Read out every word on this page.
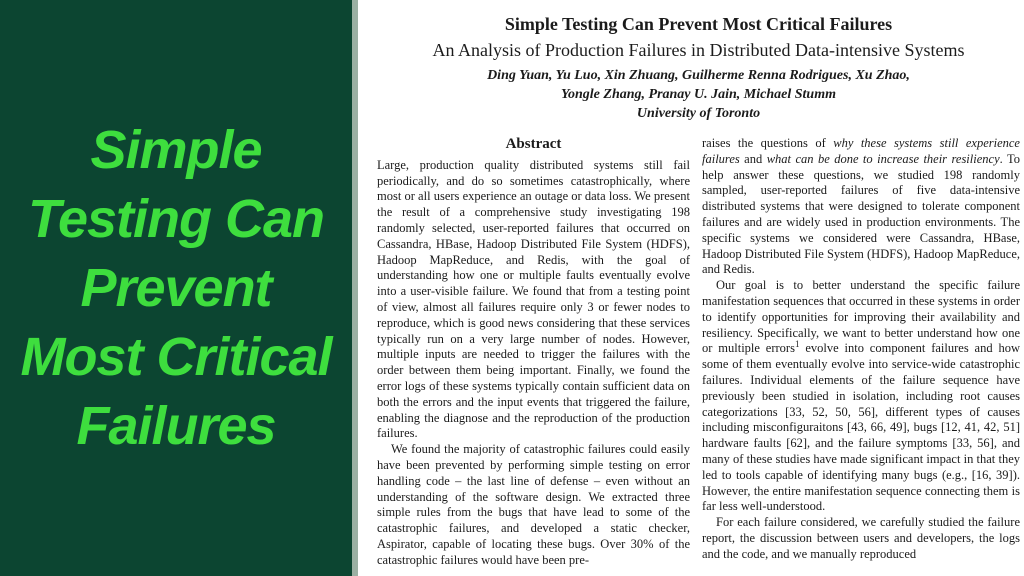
Simple
Testing Can
Prevent
Most Critical
Failures
Simple Testing Can Prevent Most Critical Failures
An Analysis of Production Failures in Distributed Data-intensive Systems
Ding Yuan, Yu Luo, Xin Zhuang, Guilherme Renna Rodrigues, Xu Zhao,
Yongle Zhang, Pranay U. Jain, Michael Stumm
University of Toronto
Abstract

Large, production quality distributed systems still fail periodically, and do so sometimes catastrophically, where most or all users experience an outage or data loss. We present the result of a comprehensive study investigating 198 randomly selected, user-reported failures that occurred on Cassandra, HBase, Hadoop Distributed File System (HDFS), Hadoop MapReduce, and Redis, with the goal of understanding how one or multiple faults eventually evolve into a user-visible failure. We found that from a testing point of view, almost all failures require only 3 or fewer nodes to reproduce, which is good news considering that these services typically run on a very large number of nodes. However, multiple inputs are needed to trigger the failures with the order between them being important. Finally, we found the error logs of these systems typically contain sufficient data on both the errors and the input events that triggered the failure, enabling the diagnose and the reproduction of the production failures.

We found the majority of catastrophic failures could easily have been prevented by performing simple testing on error handling code – the last line of defense – even without an understanding of the software design. We extracted three simple rules from the bugs that have lead to some of the catastrophic failures, and developed a static checker, Aspirator, capable of locating these bugs. Over 30% of the catastrophic failures would have been pre-

raises the questions of why these systems still experience failures and what can be done to increase their resiliency. To help answer these questions, we studied 198 randomly sampled, user-reported failures of five data-intensive distributed systems that were designed to tolerate component failures and are widely used in production environments. The specific systems we considered were Cassandra, HBase, Hadoop Distributed File System (HDFS), Hadoop MapReduce, and Redis.

Our goal is to better understand the specific failure manifestation sequences that occurred in these systems in order to identify opportunities for improving their availability and resiliency. Specifically, we want to better understand how one or multiple errors$^1$ evolve into component failures and how some of them eventually evolve into service-wide catastrophic failures. Individual elements of the failure sequence have previously been studied in isolation, including root causes categorizations [33, 52, 50, 56], different types of causes including misconfiguraitons [43, 66, 49], bugs [12, 41, 42, 51] hardware faults [62], and the failure symptoms [33, 56], and many of these studies have made significant impact in that they led to tools capable of identifying many bugs (e.g., [16, 39]). However, the entire manifestation sequence connecting them is far less well-understood.

For each failure considered, we carefully studied the failure report, the discussion between users and developers, the logs and the code, and we manually reproduced
